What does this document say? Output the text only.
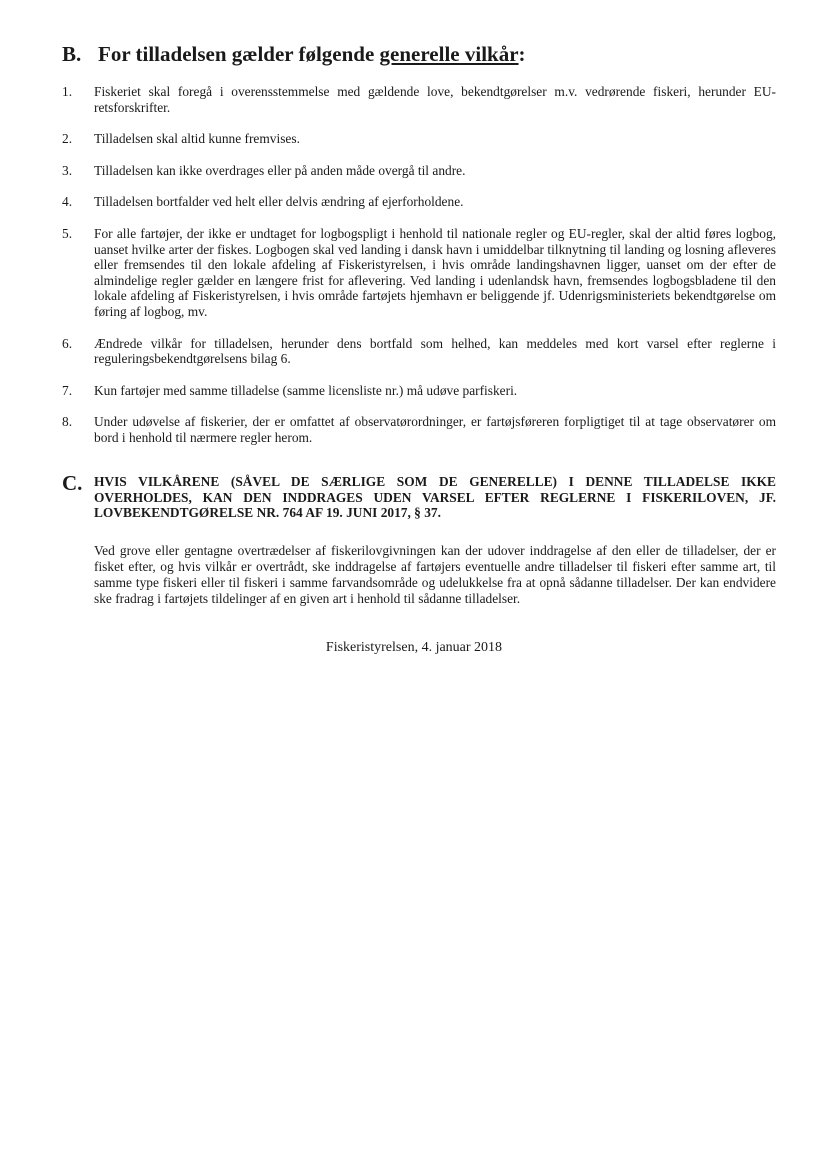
B. For tilladelsen gælder følgende generelle vilkår:
1.	Fiskeriet skal foregå i overensstemmelse med gældende love, bekendtgørelser m.v. vedrørende fiskeri, herunder EU-retsforskrifter.
2.	Tilladelsen skal altid kunne fremvises.
3.	Tilladelsen kan ikke overdrages eller på anden måde overgå til andre.
4.	Tilladelsen bortfalder ved helt eller delvis ændring af ejerforholdene.
5.	For alle fartøjer, der ikke er undtaget for logbogspligt i henhold til nationale regler og EU-regler, skal der altid føres logbog, uanset hvilke arter der fiskes. Logbogen skal ved landing i dansk havn i umiddelbar tilknytning til landing og losning afleveres eller fremsendes til den lokale afdeling af Fiskeristyrelsen, i hvis område landingshavnen ligger, uanset om der efter de almindelige regler gælder en længere frist for aflevering. Ved landing i udenlandsk havn, fremsendes logbogsbladene til den lokale afdeling af Fiskeristyrelsen, i hvis område fartøjets hjemhavn er beliggende jf. Udenrigsministeriets bekendtgørelse om føring af logbog, mv.
6.	Ændrede vilkår for tilladelsen, herunder dens bortfald som helhed, kan meddeles med kort varsel efter reglerne i reguleringsbekendtgørelsens bilag 6.
7.	Kun fartøjer med samme tilladelse (samme licensliste nr.) må udøve parfiskeri.
8.	Under udøvelse af fiskerier, der er omfattet af observatørordninger, er fartøjsføreren forpligtiget til at tage observatører om bord i henhold til nærmere regler herom.
C. HVIS VILKÅRENE (SÅVEL DE SÆRLIGE SOM DE GENERELLE) I DENNE TILLADELSE IKKE OVERHOLDES, KAN DEN INDDRAGES UDEN VARSEL EFTER REGLERNE I FISKERILOVEN, JF. LOVBEKENDTGØRELSE NR. 764 AF 19. JUNI 2017, § 37.
Ved grove eller gentagne overtrædelser af fiskerilovgivningen kan der udover inddragelse af den eller de tilladelser, der er fisket efter, og hvis vilkår er overtrådt, ske inddragelse af fartøjers eventuelle andre tilladelser til fiskeri efter samme art, til samme type fiskeri eller til fiskeri i samme farvandsområde og udelukkelse fra at opnå sådanne tilladelser. Der kan endvidere ske fradrag i fartøjets tildelinger af en given art i henhold til sådanne tilladelser.
Fiskeristyrelsen, 4. januar 2018
